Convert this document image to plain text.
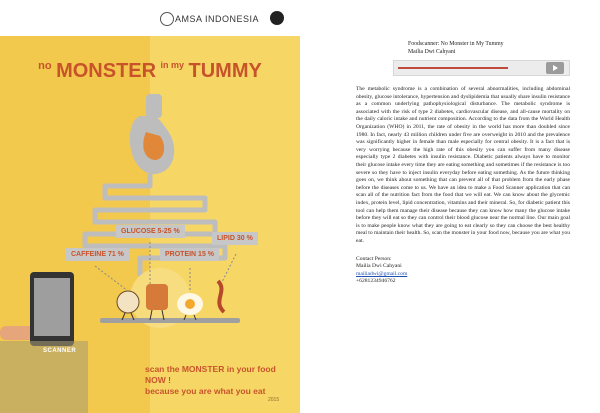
AMSA INDONESIA
$^{no}$ MONSTER $^{in my}$ TUMMY
GLUCOSE 5-25 %
CAFFEINE 71 %	PROTEIN 15 %
LIPID 30 %
SCANNER
scan the MONSTER in your food NOW !
because you are what you eat
2015
Foodscanner: No Monster in My Tummy
Mailia Dwi Cahyani
The metabolic syndrome is a combination of several abnormalities, including abdominal obesity, glucose intolerance, hypertension and dyslipidemia that usually share insulin resistance as a common underlying pathophysiological disturbance. The metabolic syndrome is associated with the risk of type 2 diabetes, cardiovascular disease, and all-cause mortality on the daily caloric intake and nutrient composition. According to the data from the World Health Organization (WHO) in 2011, the rate of obesity in the world has more than doubled since 1980. In fact, nearly 43 million children under five are overweight in 2010 and the prevalence was significantly higher in female than male especially for central obesity. It is a fact that is very worrying because the high rate of this obesity you can suffer from many disease especially type 2 diabetes with insulin resistance. Diabetic patients always have to monitor their glucose intake every time they are eating something and sometimes if the resistance is too severe so they have to inject insulin everyday before eating something. As the future thinking goes on, we think about something that can prevent all of that problem from the early phase before the diseases come to us. We have an idea to make a Food Scanner application that can scan all of the nutrition fact from the food that we will eat. We can know about the glycemic index, protein level, lipid concentration, vitamins and their mineral. So, for diabetic patient this tool can help them manage their disease because they can know how many the glucose intake before they will eat so they can control their blood glucose near the normal line. Our main goal is to make people know what they are going to eat clearly so they can choose the best healthy meal to maintain their health. So, scan the monster in your food now, because you are what you eat.
Contact Person:
Mailia Dwi Cahyani
mailiadwi@gmail.com
+6281234946762
